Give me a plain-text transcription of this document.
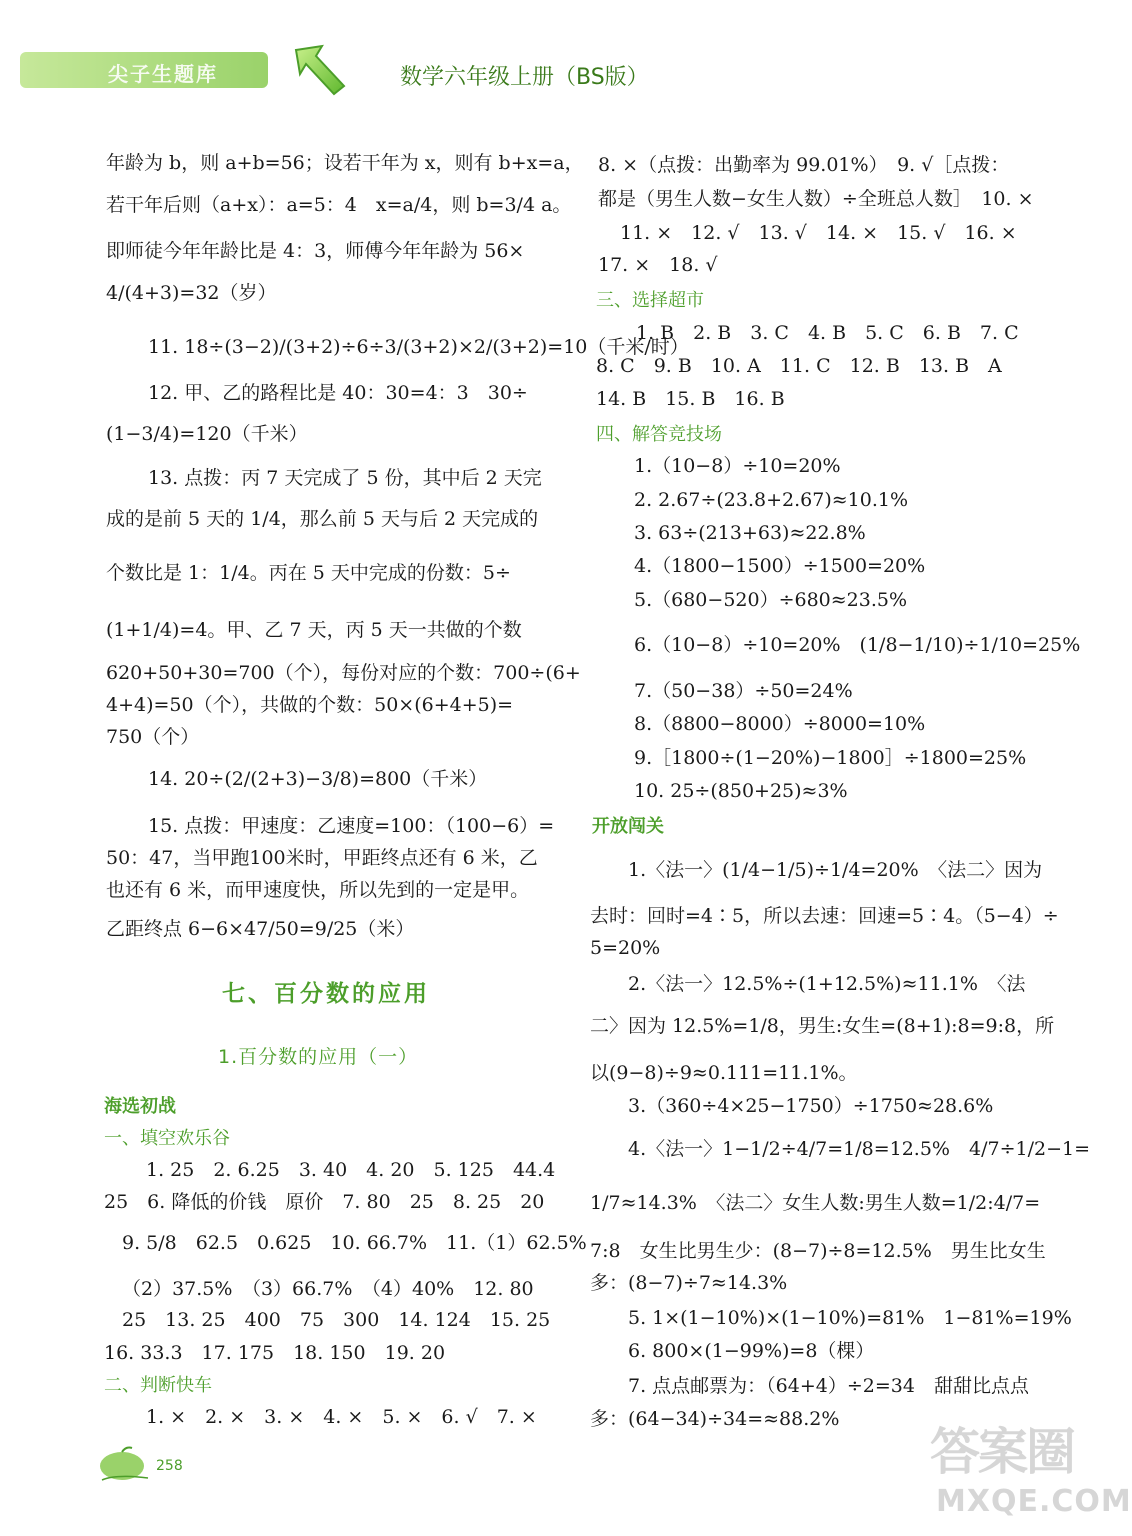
尖子生题库	数学六年级上册（BS版）
年龄为 b，则 a+b=56；设若干年为 x，则有 b+x=a，
若干年后则（a+x）：a=5：4　x=a/4，则 b=3/4 a。
即师徒今年年龄比是 4：3，师傅今年年龄为 56×
4/(4+3)=32（岁）
11. 18÷(3−2)/(3+2)÷6÷3/(3+2)×2/(3+2)=10（千米/时）
12. 甲、乙的路程比是 40：30=4：3　30÷
(1−3/4)=120（千米）
13. 点拨：丙 7 天完成了 5 份，其中后 2 天完
成的是前 5 天的 1/4，那么前 5 天与后 2 天完成的
个数比是 1：1/4。丙在 5 天中完成的份数：5÷
(1+1/4)=4。甲、乙 7 天，丙 5 天一共做的个数
620+50+30=700（个），每份对应的个数：700÷(6+
4+4)=50（个），共做的个数：50×(6+4+5)=
750（个）
14. 20÷(2/(2+3)−3/8)=800（千米）
15. 点拨：甲速度：乙速度=100：（100−6）=
50：47，当甲跑100米时，甲距终点还有 6 米，乙
也还有 6 米，而甲速度快，所以先到的一定是甲。
乙距终点 6−6×47/50=9/25（米）
七、百分数的应用
1.百分数的应用（一）
海选初战
一、填空欢乐谷
1. 25　2. 6.25　3. 40　4. 20　5. 125　44.4
25　6. 降低的价钱　原价　7. 80　25　8. 25　20
9. 5/8　62.5　0.625　10. 66.7%　11.（1）62.5%
（2）37.5%　（3）66.7%　（4）40%　12. 80
25　13. 25　400　75　300　14. 124　15. 25
16. 33.3　17. 175　18. 150　19. 20
二、判断快车
1. ×　2. ×　3. ×　4. ×　5. ×　6. √　7. ×
8. ×（点拨：出勤率为 99.01%）　9. √［点拨：
都是（男生人数−女生人数）÷全班总人数］　10. ×
11. ×　12. √　13. √　14. ×　15. √　16. ×
17. ×　18. √
三、选择超市
1. B　2. B　3. C　4. B　5. C　6. B　7. C
8. C　9. B　10. A　11. C　12. B　13. B　A
14. B　15. B　16. B
四、解答竞技场
1.（10−8）÷10=20%
2. 2.67÷(23.8+2.67)≈10.1%
3. 63÷(213+63)≈22.8%
4.（1800−1500）÷1500=20%
5.（680−520）÷680≈23.5%
6.（10−8）÷10=20%　(1/8−1/10)÷1/10=25%
7.（50−38）÷50=24%
8.（8800−8000）÷8000=10%
9.［1800÷(1−20%)−1800］÷1800=25%
10. 25÷(850+25)≈3%
开放闯关
1.〈法一〉(1/4−1/5)÷1/4=20%　〈法二〉因为
去时：回时=4∶5，所以去速：回速=5∶4。（5−4）÷
5=20%
2.〈法一〉12.5%÷(1+12.5%)≈11.1%　〈法
二〉因为 12.5%=1/8，男生:女生=(8+1):8=9:8，所
以(9−8)÷9≈0.111=11.1%。
3.（360÷4×25−1750）÷1750≈28.6%
4.〈法一〉1−1/2÷4/7=1/8=12.5%　4/7÷1/2−1=
1/7≈14.3%　〈法二〉女生人数:男生人数=1/2:4/7=
7:8　女生比男生少：(8−7)÷8=12.5%　男生比女生
多：(8−7)÷7≈14.3%
5. 1×(1−10%)×(1−10%)=81%　1−81%=19%
6. 800×(1−99%)=8（棵）
7. 点点邮票为：（64+4）÷2=34　甜甜比点点
多：(64−34)÷34=≈88.2%
258	答案圈
MXQE.COM
